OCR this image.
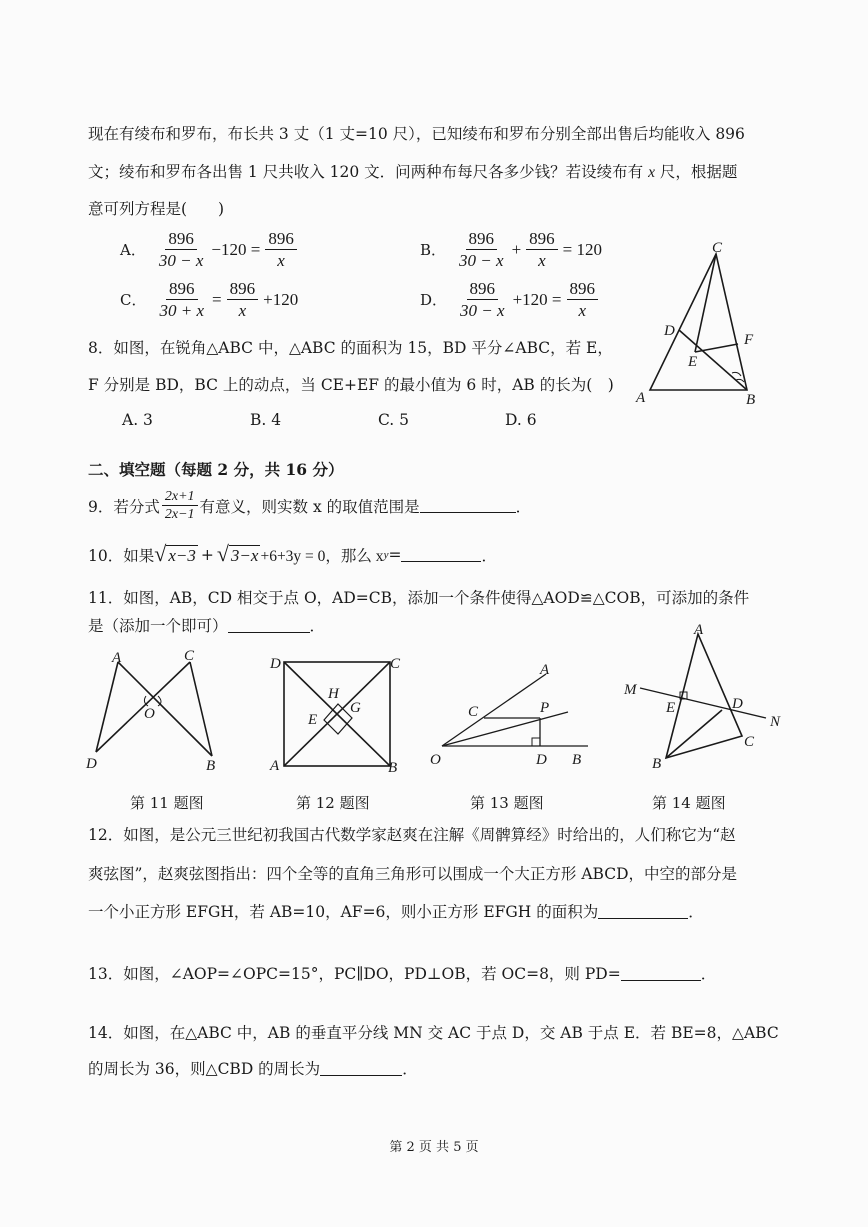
现在有绫布和罗布，布长共 3 丈（1 丈=10 尺），已知绫布和罗布分别全部出售后均能收入 896
文；绫布和罗布各出售 1 尺共收入 120 文．问两种布每尺各多少钱？若设绫布有 x 尺，根据题
意可列方程是(　　)
A． $\frac{896}{30 - x} -120 = \frac{896}{x}$	B． $\frac{896}{30 - x} + \frac{896}{x} = 120$
C． $\frac{896}{30 + x} = \frac{896}{x} +120$	D． $\frac{896}{30 - x} +120 = \frac{896}{x}$
C
D
F
E
A	B
8．如图，在锐角△ABC 中，△ABC 的面积为 15，BD 平分∠ABC，若 E，
F 分别是 BD，BC 上的动点，当 CE+EF 的最小值为 6 时，AB 的长为(　)
A. 3	B. 4	C. 5	D. 6
二、填空题（每题 2 分，共 16 分）
9．若分式 $\frac{2x+1}{2x-1}$ 有意义，则实数 x 的取值范围是	．
10．如果 √ x−3 + √ 3−x +6+3y = 0，那么 x y =	．
11．如图，AB，CD 相交于点 O，AD=CB，添加一个条件使得△AOD≌△COB，可添加的条件
是（添加一个即可）	．
A	C
O
D	B
D	C
H
G
E
A	B
A
C	P
O	D B
A
M
E	D
N
C
B
第 11 题图	第 12 题图	第 13 题图	第 14 题图
12．如图，是公元三世纪初我国古代数学家赵爽在注解《周髀算经》时给出的，人们称它为“赵
爽弦图”，赵爽弦图指出：四个全等的直角三角形可以围成一个大正方形 ABCD，中空的部分是
一个小正方形 EFGH，若 AB=10，AF=6，则小正方形 EFGH 的面积为	．
13．如图，∠AOP=∠OPC=15°，PC∥DO，PD⊥OB，若 OC=8，则 PD=	．
14．如图，在△ABC 中，AB 的垂直平分线 MN 交 AC 于点 D，交 AB 于点 E．若 BE=8，△ABC
的周长为 36，则△CBD 的周长为	．
第 2 页 共 5 页
